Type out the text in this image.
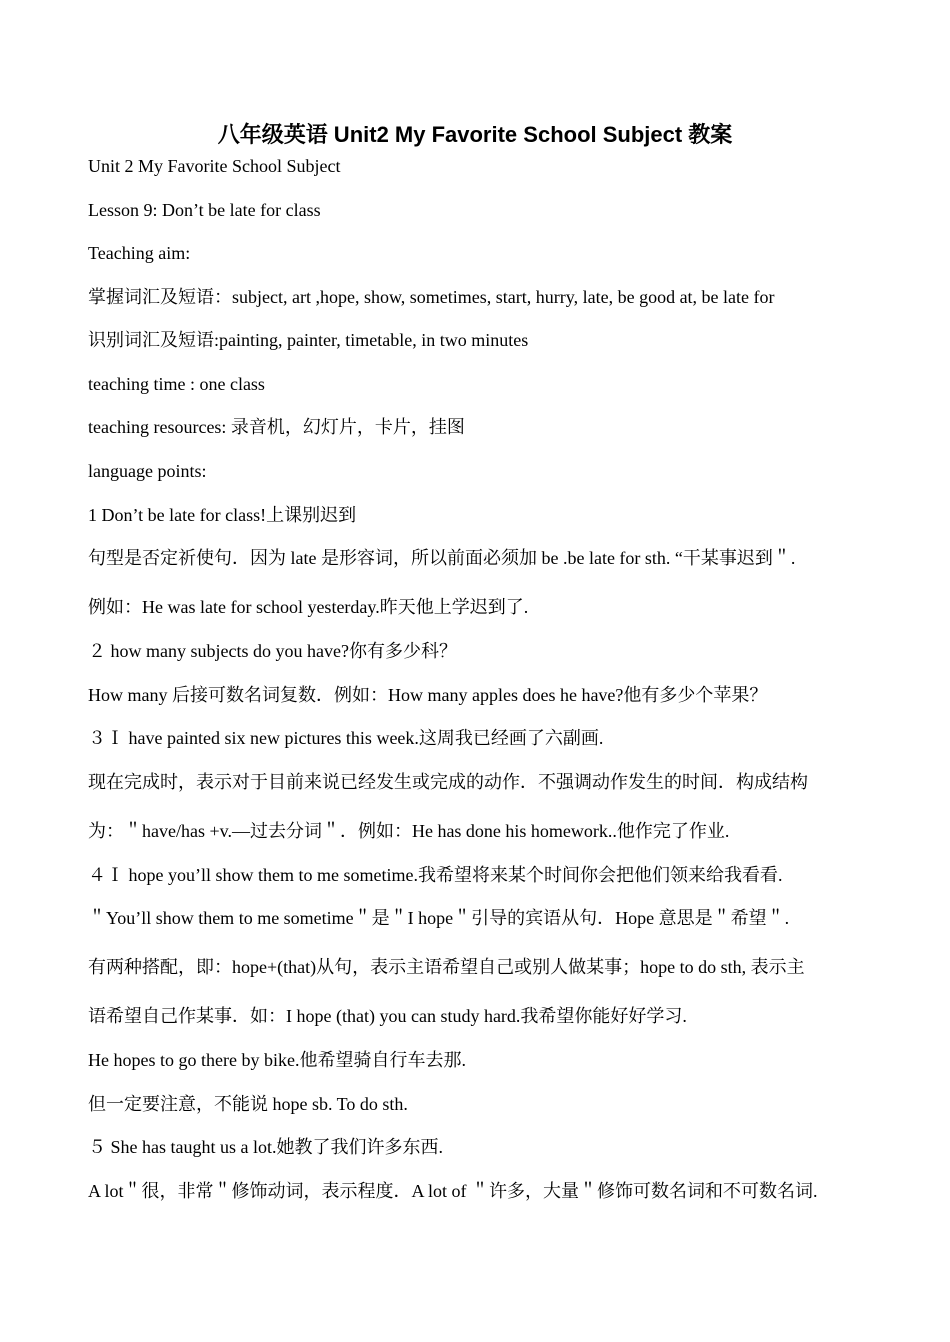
八年级英语 Unit2 My Favorite School Subject 教案
Unit 2 My Favorite School Subject
Lesson 9: Don’t be late for class
Teaching aim:
掌握词汇及短语：subject, art ,hope, show, sometimes, start, hurry, late, be good at, be late for
识别词汇及短语:painting, painter, timetable, in two minutes
teaching time : one class
teaching resources: 录音机，幻灯片，卡片，挂图
language points:
1 Don’t be late for class!上课别迟到
句型是否定祈使句．因为 late 是形容词，所以前面必须加 be .be late for sth. “干某事迟到＂.
例如：He was late for school yesterday.昨天他上学迟到了.
２ how many subjects do you have?你有多少科？
How many 后接可数名词复数．例如：How many apples does he have?他有多少个苹果？
３Ｉ have painted six new pictures this week.这周我已经画了六副画.
现在完成时，表示对于目前来说已经发生或完成的动作．不强调动作发生的时间．构成结构
为：＂have/has +v.—过去分词＂．例如：He has done his homework..他作完了作业.
４Ｉ hope you’ll show them to me sometime.我希望将来某个时间你会把他们领来给我看看.
＂You’ll show them to me sometime＂是＂I hope＂引导的宾语从句．Hope 意思是＂希望＂.
有两种搭配，即：hope+(that)从句，表示主语希望自己或别人做某事；hope to do sth, 表示主
语希望自己作某事．如：I hope (that) you can study hard.我希望你能好好学习.
He hopes to go there by bike.他希望骑自行车去那.
但一定要注意，不能说 hope sb. To do sth.
５ She has taught us a lot.她教了我们许多东西.
A lot＂很，非常＂修饰动词，表示程度．A lot of ＂许多，大量＂修饰可数名词和不可数名词.
